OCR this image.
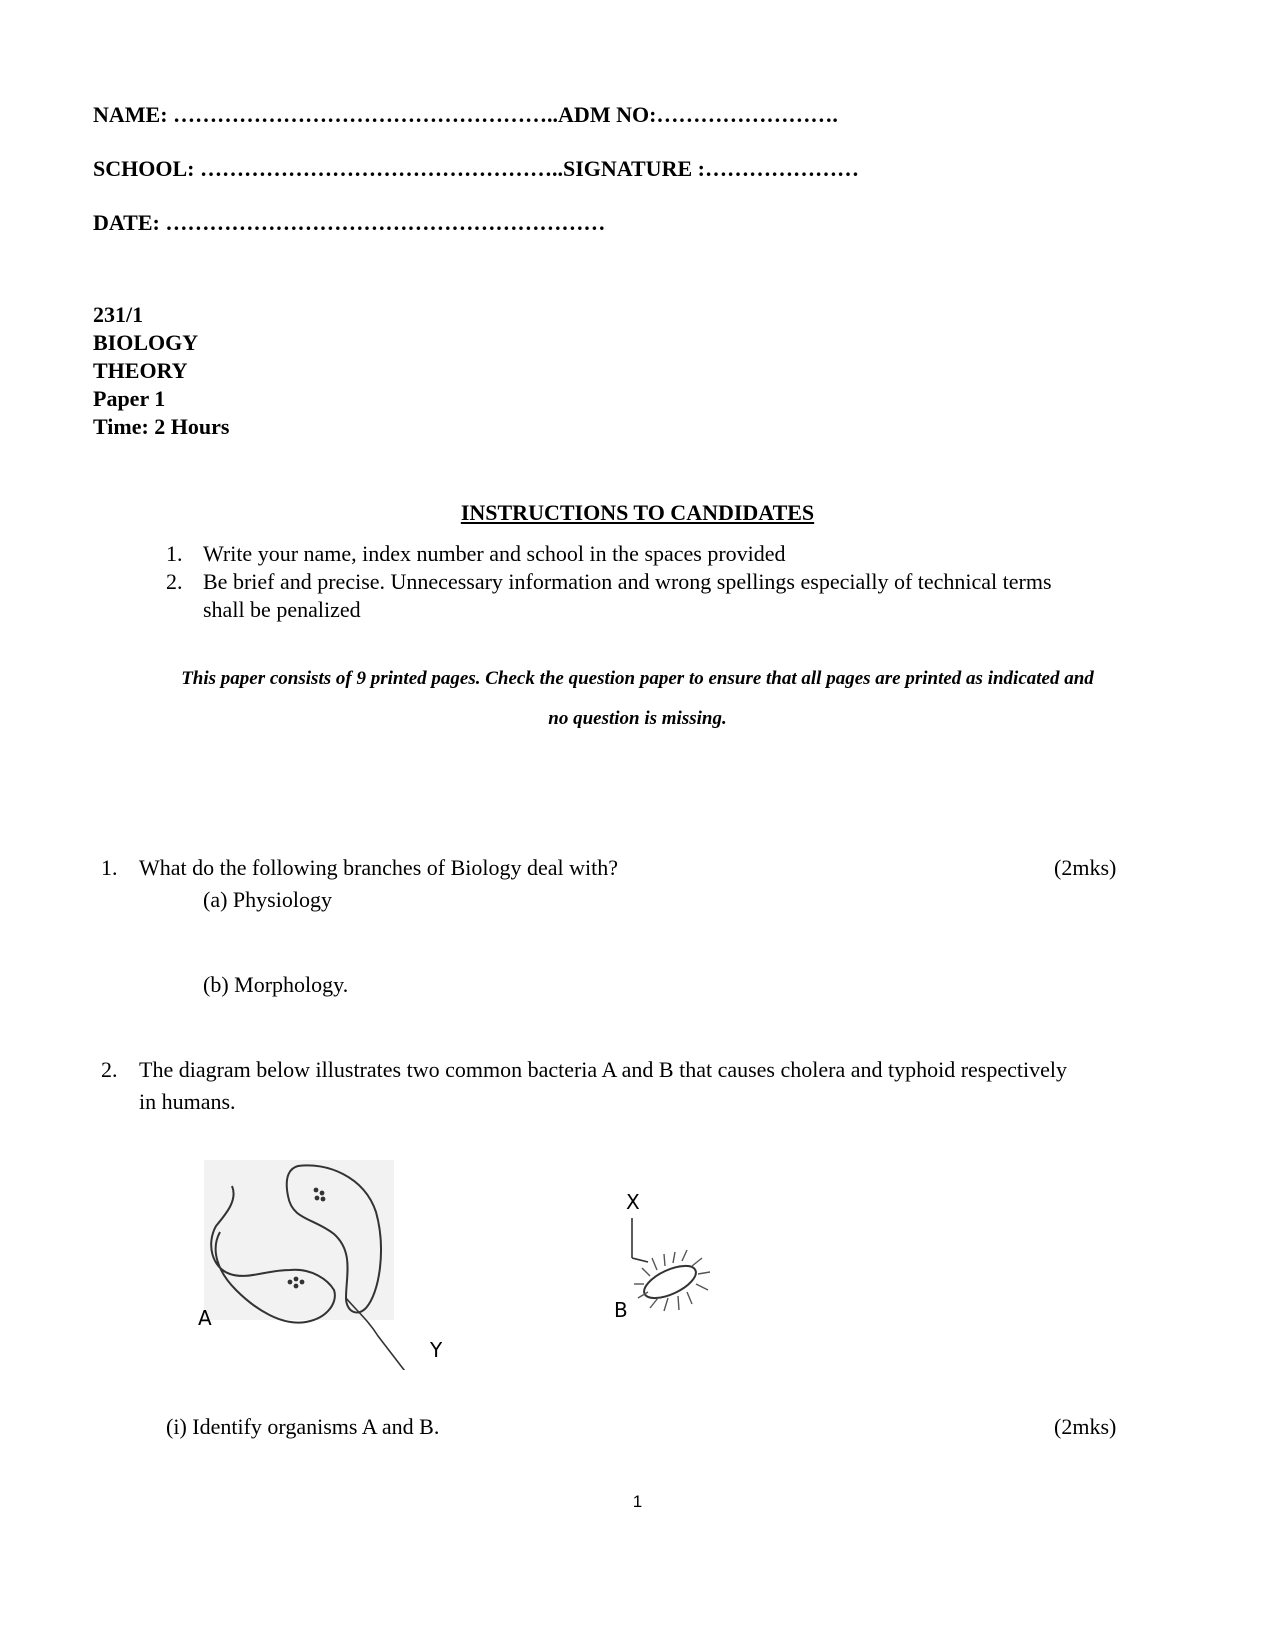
NAME: ……………………………………………..ADM NO:…………………….
SCHOOL: …………………………………………..SIGNATURE :…………………
DATE: ……………………………………………………
231/1
BIOLOGY
THEORY
Paper 1
Time: 2 Hours
INSTRUCTIONS TO CANDIDATES
1. Write your name, index number and school in the spaces provided
2. Be brief and precise. Unnecessary information and wrong spellings especially of technical terms
shall be penalized
This paper consists of 9 printed pages. Check the question paper to ensure that all pages are printed as indicated and
no question is missing.
1. What do the following branches of Biology deal with?	(2mks)
(a) Physiology
(b) Morphology.
2. The diagram below illustrates two common bacteria A and B that causes cholera and typhoid respectively
in humans.
A
Y
X
B
(i) Identify organisms A and B.	(2mks)
1
